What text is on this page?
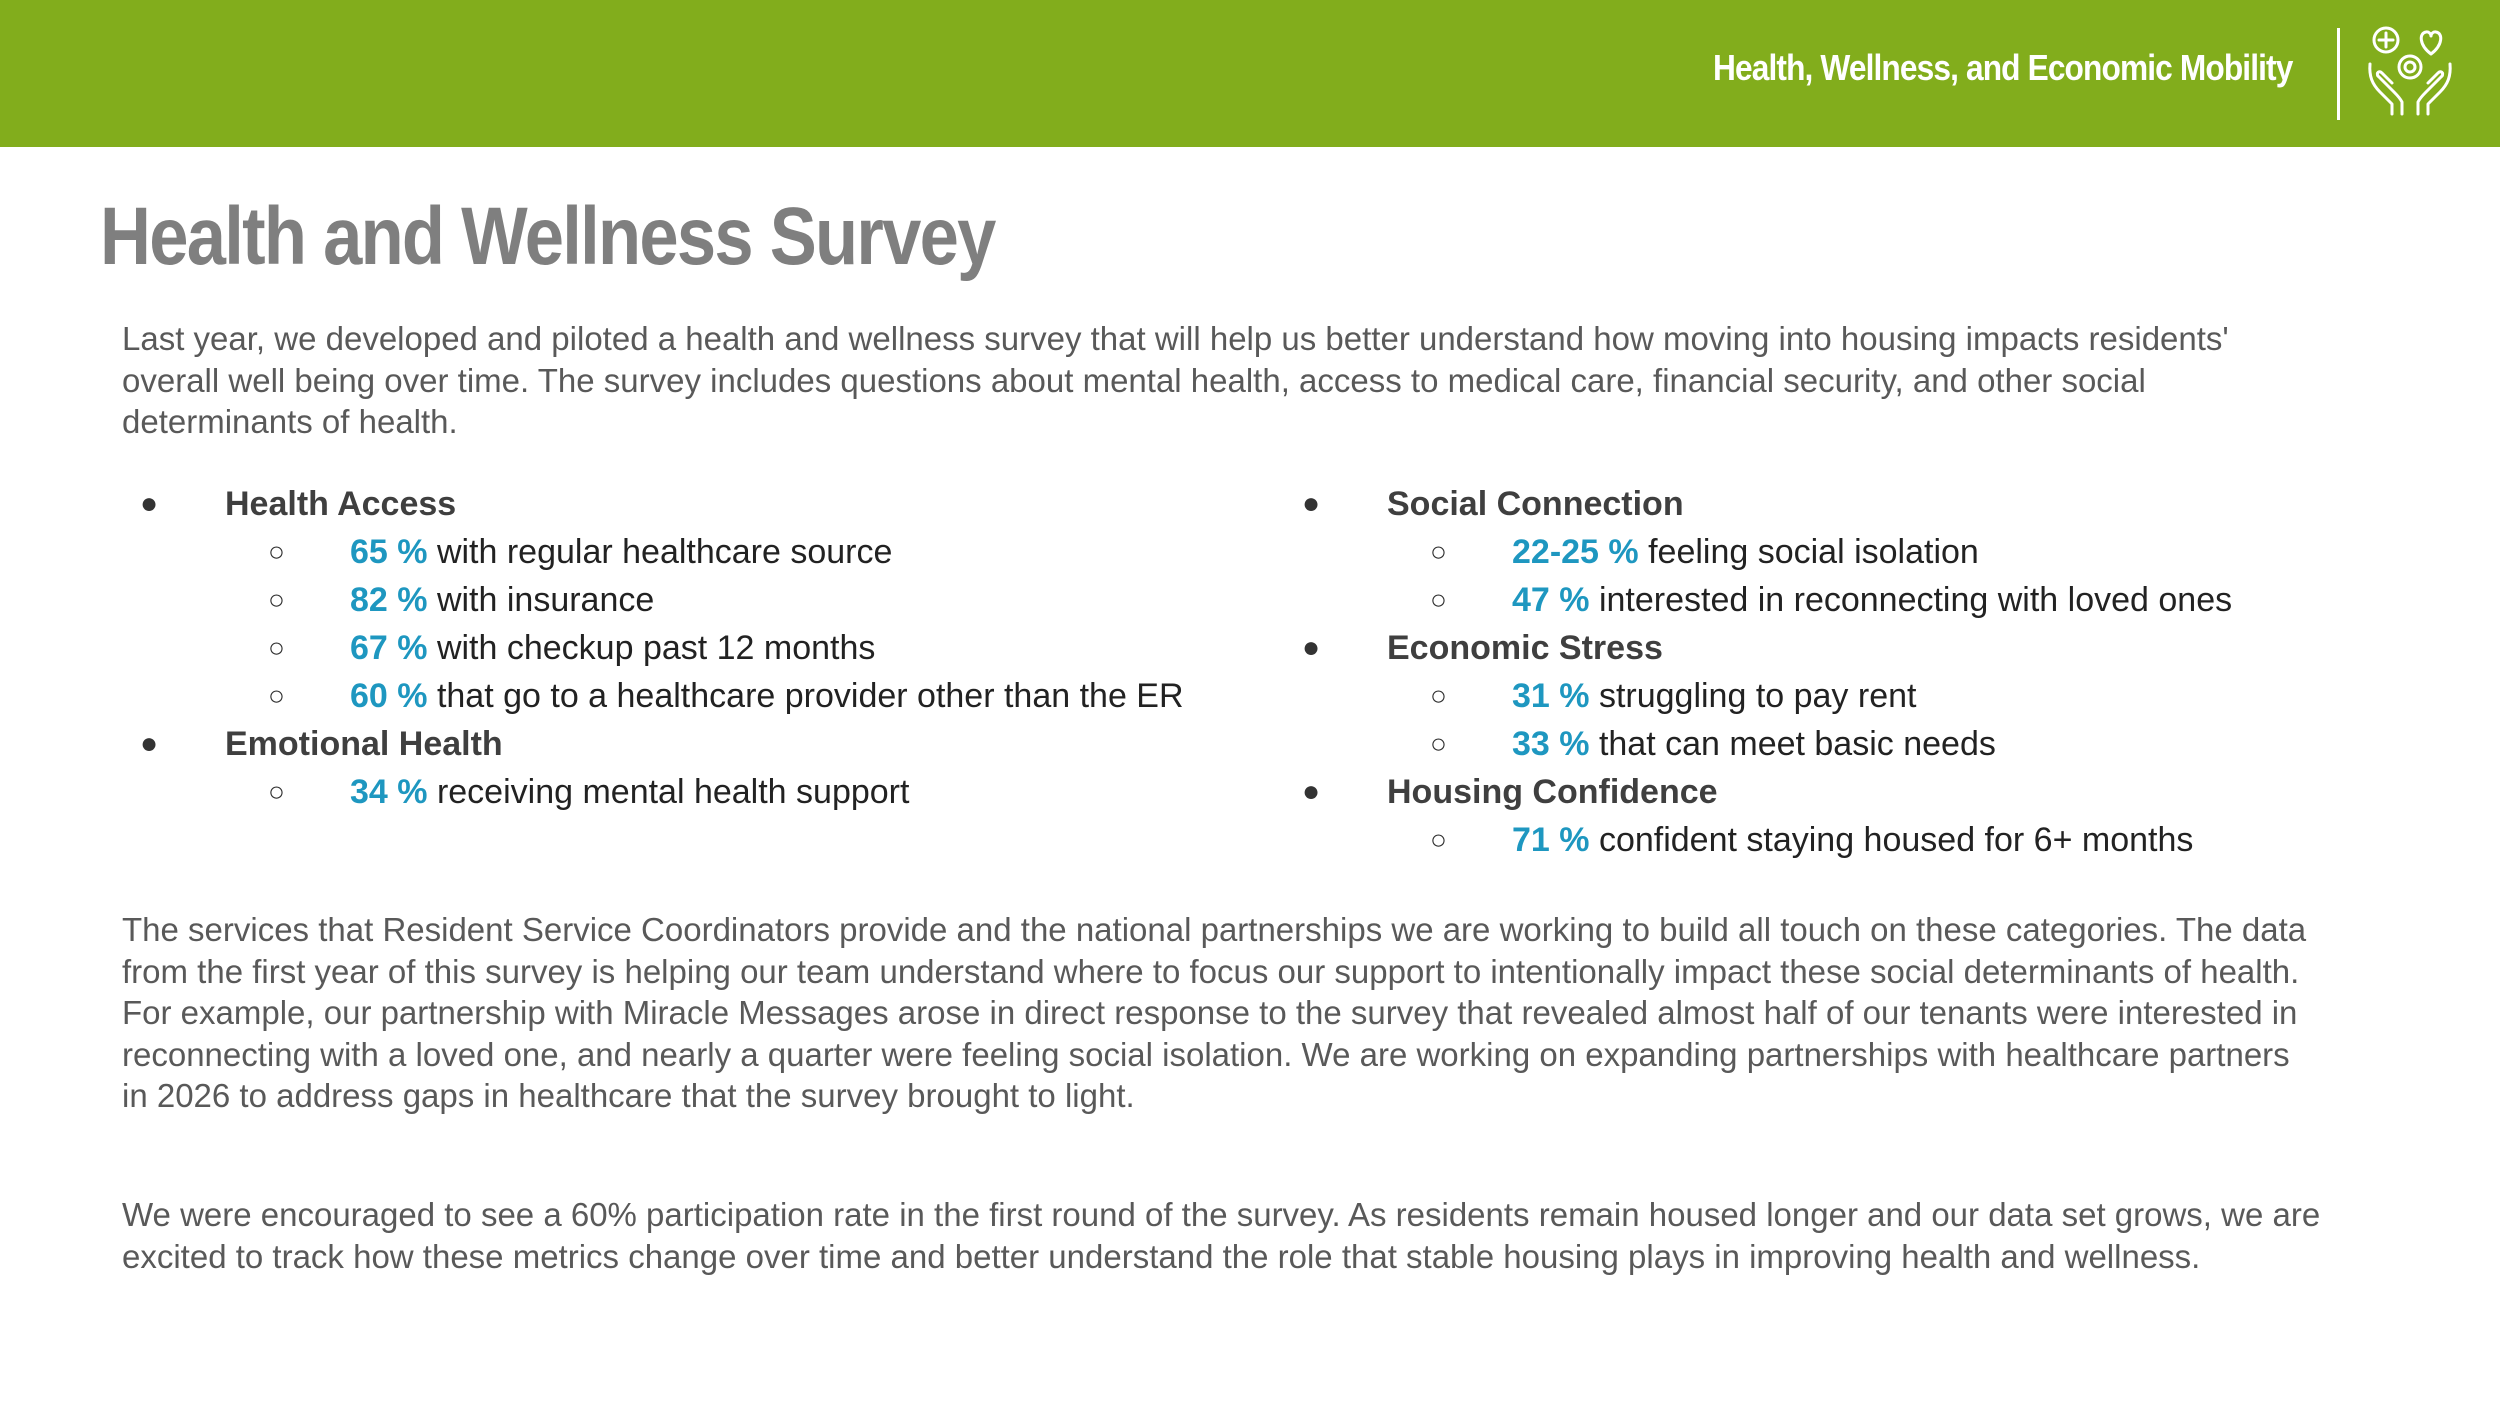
Health, Wellness, and Economic Mobility
Health and Wellness Survey

Last year, we developed and piloted a health and wellness survey that will help us better understand how moving into housing impacts residents' overall well being over time. The survey includes questions about mental health, access to medical care, financial security, and other social determinants of health.

●	Health Access
○ 65 % with regular healthcare source
○ 82 % with insurance
○ 67 % with checkup past 12 months
○ 60 % that go to a healthcare provider other than the ER
●	Emotional Health
○ 34 % receiving mental health support
●	Social Connection
○ 22-25 % feeling social isolation
○ 47 % interested in reconnecting with loved ones
●	Economic Stress
○ 31 % struggling to pay rent
○ 33 % that can meet basic needs
●	Housing Confidence
○ 71 % confident staying housed for 6+ months

The services that Resident Service Coordinators provide and the national partnerships we are working to build all touch on these categories. The data from the first year of this survey is helping our team understand where to focus our support to intentionally impact these social determinants of health. For example, our partnership with Miracle Messages arose in direct response to the survey that revealed almost half of our tenants were interested in reconnecting with a loved one, and nearly a quarter were feeling social isolation. We are working on expanding partnerships with healthcare partners in 2026 to address gaps in healthcare that the survey brought to light.

We were encouraged to see a 60% participation rate in the first round of the survey. As residents remain housed longer and our data set grows, we are excited to track how these metrics change over time and better understand the role that stable housing plays in improving health and wellness.
